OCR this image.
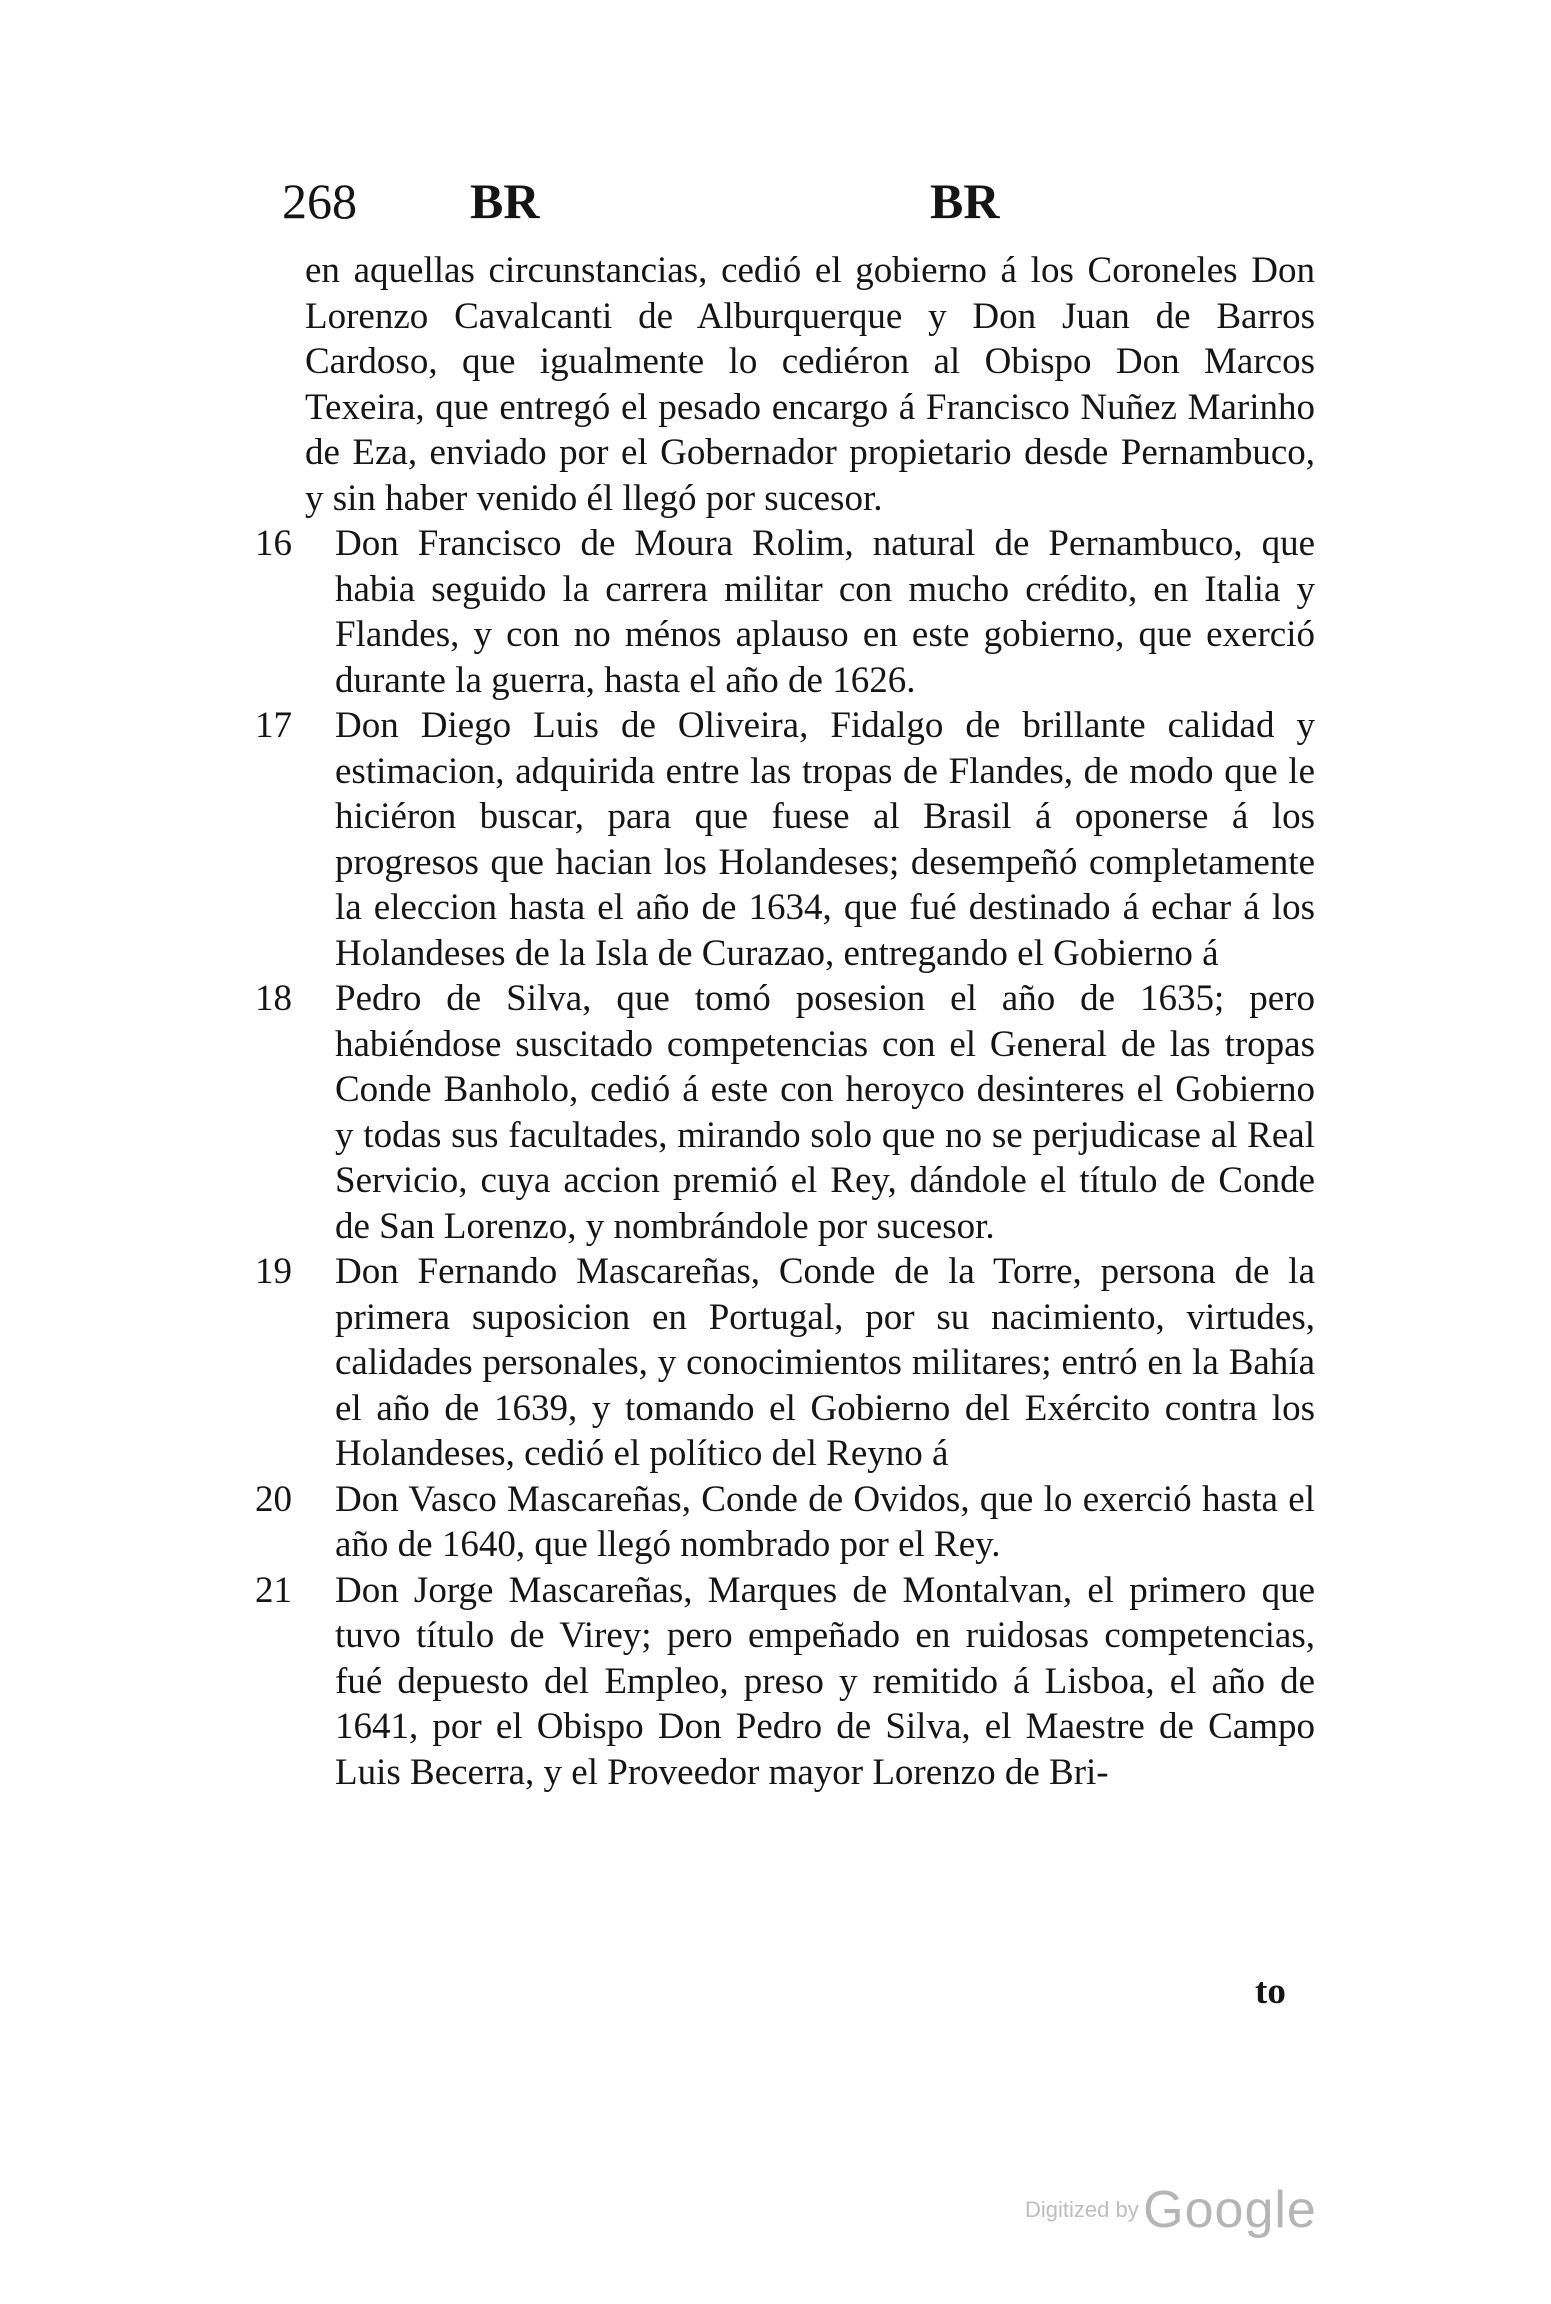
268 BR	BR

en aquellas circunstancias, cedió el gobierno á los Coroneles Don Lorenzo Cavalcanti de Alburquerque y Don Juan de Barros Cardoso, que igualmente lo cediéron al Obispo Don Marcos Texeira, que entregó el pesado encargo á Francisco Nuñez Marinho de Eza, enviado por el Gobernador propietario desde Pernambuco, y sin haber venido él llegó por sucesor.

16	Don Francisco de Moura Rolim, natural de Pernambuco, que habia seguido la carrera militar con mucho crédito, en Italia y Flandes, y con no ménos aplauso en este gobierno, que exerció durante la guerra, hasta el año de 1626.

17	Don Diego Luis de Oliveira, Fidalgo de brillante calidad y estimacion, adquirida entre las tropas de Flandes, de modo que le hiciéron buscar, para que fuese al Brasil á oponerse á los progresos que hacian los Holandeses; desempeñó completamente la eleccion hasta el año de 1634, que fué destinado á echar á los Holandeses de la Isla de Curazao, entregando el Gobierno á

18	Pedro de Silva, que tomó posesion el año de 1635; pero habiéndose suscitado competencias con el General de las tropas Conde Banholo, cedió á este con heroyco desinteres el Gobierno y todas sus facultades, mirando solo que no se perjudicase al Real Servicio, cuya accion premió el Rey, dándole el título de Conde de San Lorenzo, y nombrándole por sucesor.

19	Don Fernando Mascareñas, Conde de la Torre, persona de la primera suposicion en Portugal, por su nacimiento, virtudes, calidades personales, y conocimientos militares; entró en la Bahía el año de 1639, y tomando el Gobierno del Exército contra los Holandeses, cedió el político del Reyno á

20	Don Vasco Mascareñas, Conde de Ovidos, que lo exerció hasta el año de 1640, que llegó nombrado por el Rey.

21	Don Jorge Mascareñas, Marques de Montalvan, el primero que tuvo título de Virey; pero empeñado en ruidosas competencias, fué depuesto del Empleo, preso y remitido á Lisboa, el año de 1641, por el Obispo Don Pedro de Silva, el Maestre de Campo Luis Becerra, y el Proveedor mayor Lorenzo de Bri-

to
Digitized by Google
